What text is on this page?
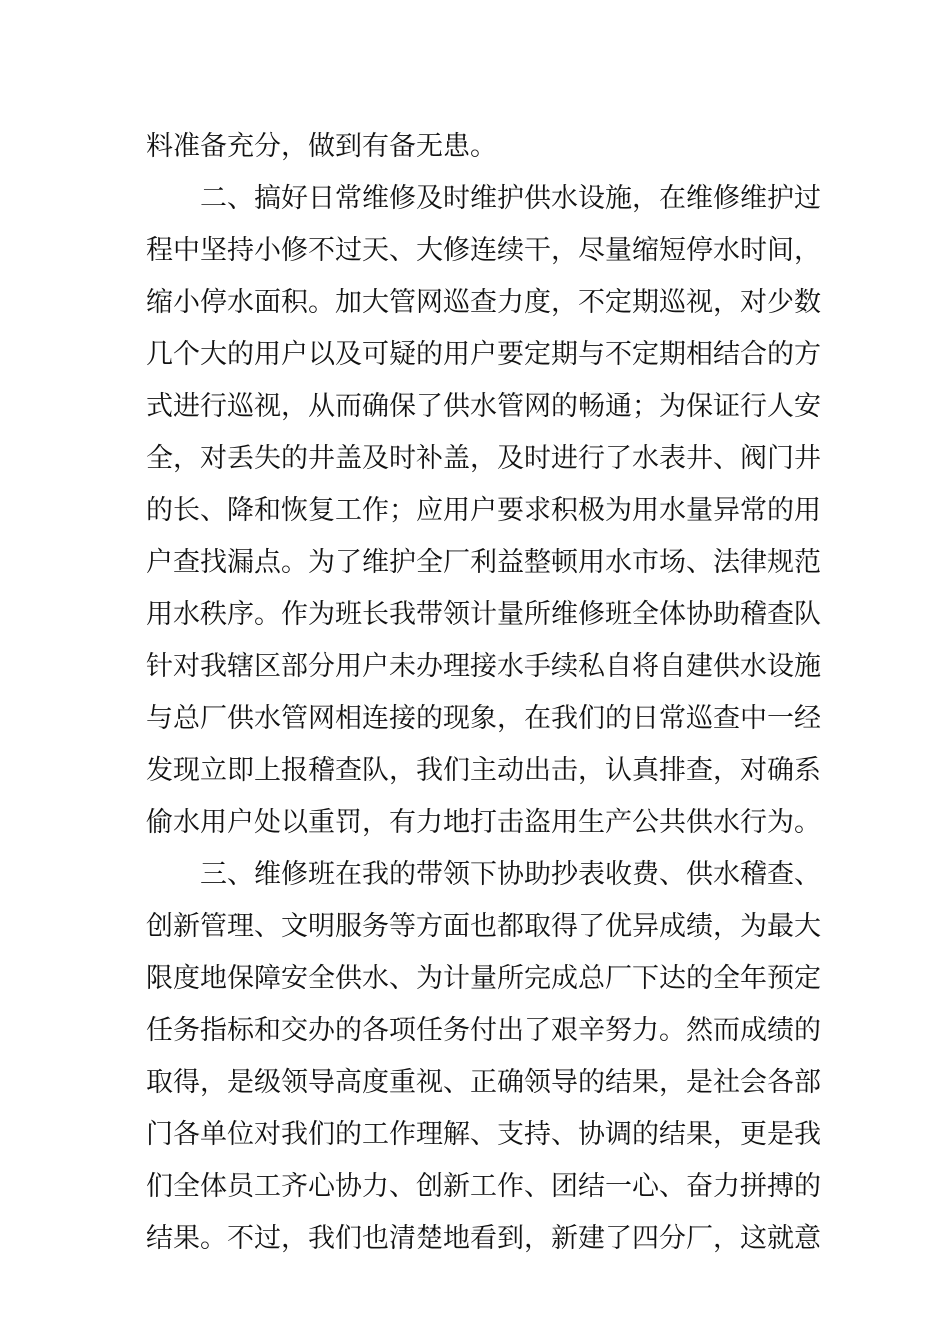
料准备充分，做到有备无患。
二、搞好日常维修及时维护供水设施，在维修维护过
程中坚持小修不过天、大修连续干，尽量缩短停水时间，
缩小停水面积。加大管网巡查力度，不定期巡视，对少数
几个大的用户以及可疑的用户要定期与不定期相结合的方
式进行巡视，从而确保了供水管网的畅通；为保证行人安
全，对丢失的井盖及时补盖，及时进行了水表井、阀门井
的长、降和恢复工作；应用户要求积极为用水量异常的用
户查找漏点。为了维护全厂利益整顿用水市场、法律规范
用水秩序。作为班长我带领计量所维修班全体协助稽查队
针对我辖区部分用户未办理接水手续私自将自建供水设施
与总厂供水管网相连接的现象，在我们的日常巡查中一经
发现立即上报稽查队，我们主动出击，认真排查，对确系
偷水用户处以重罚，有力地打击盗用生产公共供水行为。
三、维修班在我的带领下协助抄表收费、供水稽查、
创新管理、文明服务等方面也都取得了优异成绩，为最大
限度地保障安全供水、为计量所完成总厂下达的全年预定
任务指标和交办的各项任务付出了艰辛努力。然而成绩的
取得，是级领导高度重视、正确领导的结果，是社会各部
门各单位对我们的工作理解、支持、协调的结果，更是我
们全体员工齐心协力、创新工作、团结一心、奋力拼搏的
结果。不过，我们也清楚地看到，新建了四分厂，这就意
